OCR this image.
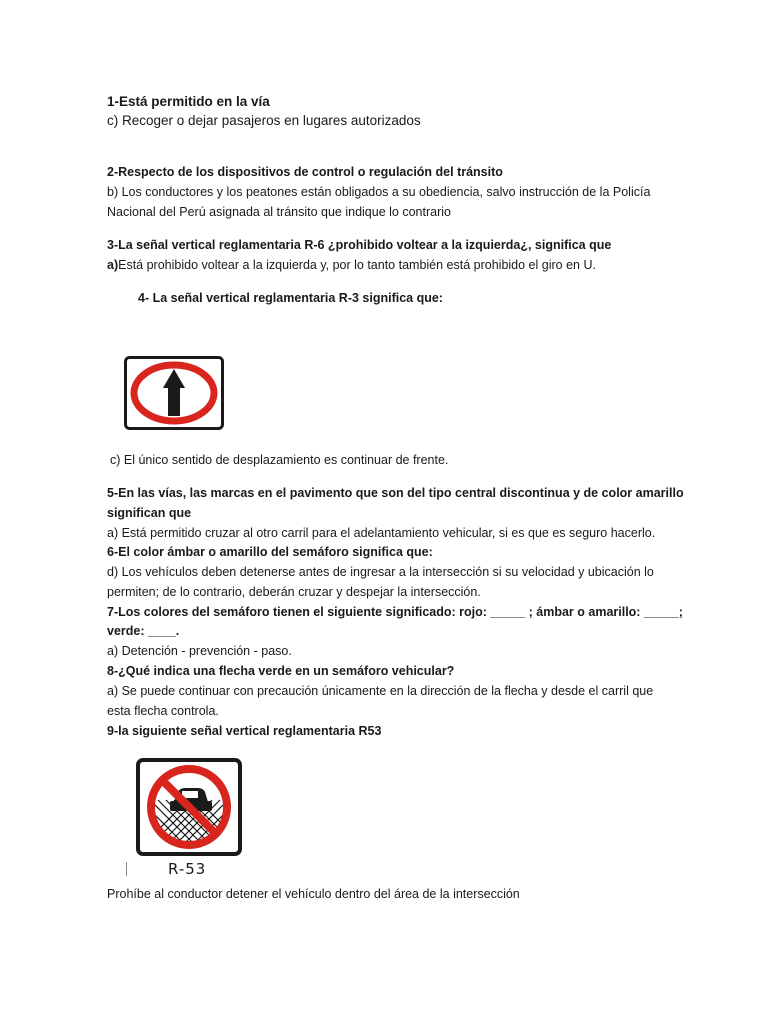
1-Está permitido en la vía
c) Recoger o dejar pasajeros en lugares autorizados
2-Respecto de los dispositivos de control o regulación del tránsito
b) Los conductores y los peatones están obligados a su obediencia, salvo instrucción de la Policía
Nacional del Perú asignada al tránsito que indique lo contrario
3-La señal vertical reglamentaria R-6 ¿prohibido voltear a la izquierda¿, significa que
a)Está prohibido voltear a la izquierda y, por lo tanto también está prohibido el giro en U.
4- La señal vertical reglamentaria R-3 significa que:
c) El único sentido de desplazamiento es continuar de frente.
5-En las vías, las marcas en el pavimento que son del tipo central discontinua y de color amarillo
significan que
a) Está permitido cruzar al otro carril para el adelantamiento vehicular, si es que es seguro hacerlo.
6-El color ámbar o amarillo del semáforo significa que:
d) Los vehículos deben detenerse antes de ingresar a la intersección si su velocidad y ubicación lo
permiten; de lo contrario, deberán cruzar y despejar la intersección.
7-Los colores del semáforo tienen el siguiente significado: rojo: _____ ; ámbar o amarillo: _____;
verde: ____.
a) Detención - prevención - paso.
8-¿Qué indica una flecha verde en un semáforo vehicular?
a) Se puede continuar con precaución únicamente en la dirección de la flecha y desde el carril que
esta flecha controla.
9-la siguiente señal vertical reglamentaria R53
R-53
Prohíbe al conductor detener el vehículo dentro del área de la intersección
